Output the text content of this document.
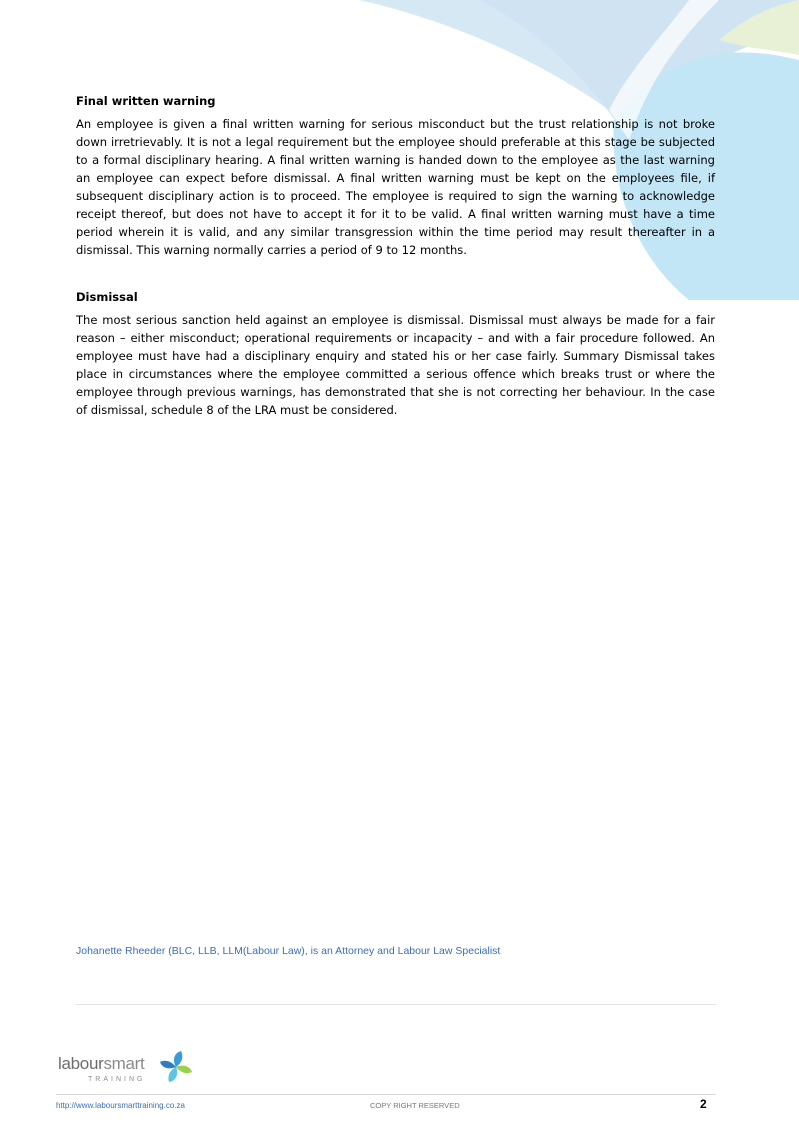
Final written warning

An employee is given a final written warning for serious misconduct but the trust relationship is not broke down irretrievably. It is not a legal requirement but the employee should preferable at this stage be subjected to a formal disciplinary hearing. A final written warning is handed down to the employee as the last warning an employee can expect before dismissal. A final written warning must be kept on the employees file, if subsequent disciplinary action is to proceed. The employee is required to sign the warning to acknowledge receipt thereof, but does not have to accept it for it to be valid. A final written warning must have a time period wherein it is valid, and any similar transgression within the time period may result thereafter in a dismissal. This warning normally carries a period of 9 to 12 months.

Dismissal

The most serious sanction held against an employee is dismissal. Dismissal must always be made for a fair reason – either misconduct; operational requirements or incapacity – and with a fair procedure followed. An employee must have had a disciplinary enquiry and stated his or her case fairly. Summary Dismissal takes place in circumstances where the employee committed a serious offence which breaks trust or where the employee through previous warnings, has demonstrated that she is not correcting her behaviour. In the case of dismissal, schedule 8 of the LRA must be considered.

Johanette Rheeder (BLC, LLB, LLM(Labour Law), is an Attorney and Labour Law Specialist
laboursmart
TRAINING
http://www.laboursmarttraining.co.za	COPY RIGHT RESERVED	2
